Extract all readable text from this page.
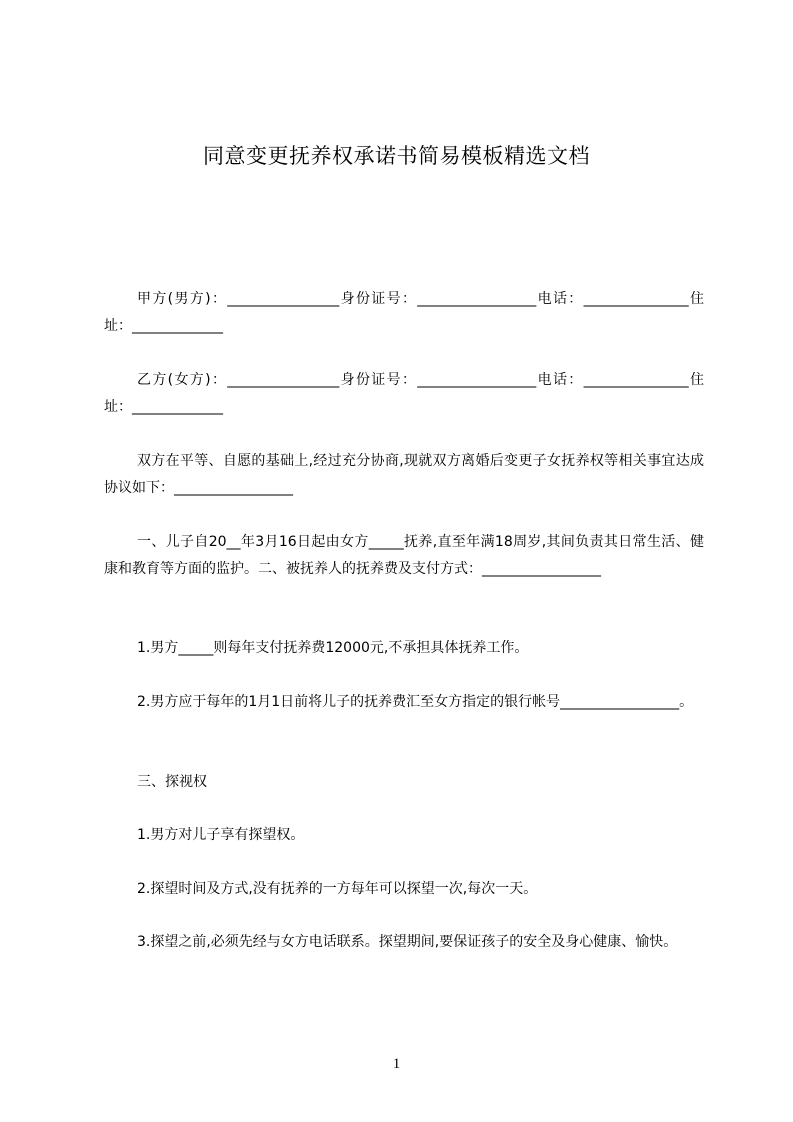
同意变更抚养权承诺书简易模板精选文档
甲方(男方)：________________身份证号：_________________电话：_______________住址：_____________
乙方(女方)：________________身份证号：_________________电话：_______________住址：_____________
双方在平等、自愿的基础上,经过充分协商,现就双方离婚后变更子女抚养权等相关事宜达成协议如下：_________________
一、儿子自20__年3月16日起由女方_____抚养,直至年满18周岁,其间负责其日常生活、健康和教育等方面的监护。二、被抚养人的抚养费及支付方式：_________________
1.男方_____则每年支付抚养费12000元,不承担具体抚养工作。
2.男方应于每年的1月1日前将儿子的抚养费汇至女方指定的银行帐号_________________。
三、探视权
1.男方对儿子享有探望权。
2.探望时间及方式,没有抚养的一方每年可以探望一次,每次一天。
3.探望之前,必须先经与女方电话联系。探望期间,要保证孩子的安全及身心健康、愉快。
1
